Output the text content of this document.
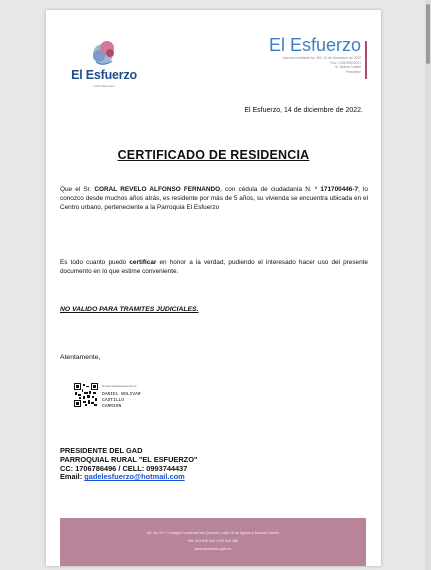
El Esfuerzo
GAD Parroquial
El Esfuerzo
Acuerdo ministerial No. 302, 15 de Noviembre del 2002
Ruc: 1768159000001
Sr. Bolivar Castillo
Presidente
El Esfuerzo, 14 de diciembre de 2022.
CERTIFICADO DE RESIDENCIA
Que el Sr. CORAL REVELO ALFONSO FERNANDO, con cédula de ciudadanía N. º 171700446-7; lo conozco desde muchos años atrás, es residente por más de 5 años, su vivienda se encuentra ubicada en el Centro urbano, perteneciente a la Parroquia El Esfuerzo
Es todo cuanto puedo certificar en honor a la verdad, pudiendo el interesado hacer uso del presente documento en lo que estime conveniente.
NO VALIDO PARA TRAMITES JUDICIALES.
Atentamente,
Firmado electrónicamente por:
DANIEL BOLIVAR
CASTILLO
CARRION
PRESIDENTE DEL GAD
PARROQUIAL RURAL "EL ESFUERZO"
CC: 1706786496 / CELL: 0993744437
Email: gadelesfuerzo@hotmail.com
Dir: Av. 19 + 4 margen izquierda Via Quevedo, calle 15 de Agosto y Manuel Carrión
Telf. 023 840 303 / 023 840 366
www.elesfuerzo.gob.ec
